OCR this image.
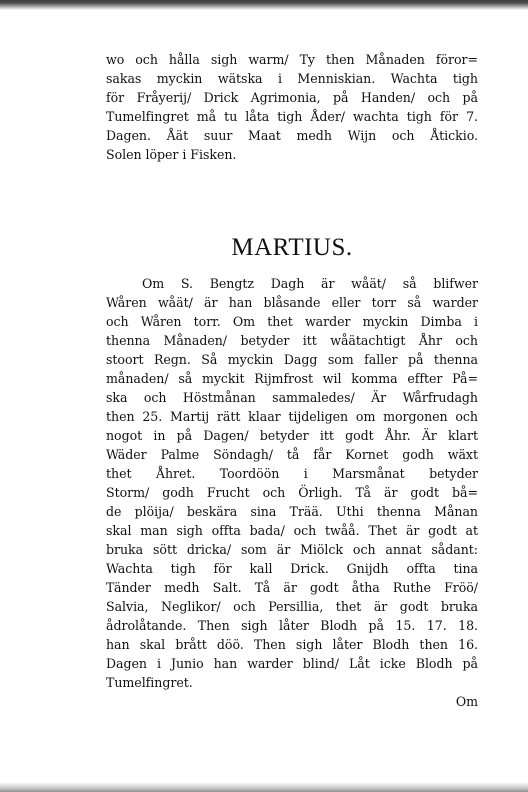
wo och hålla sigh warm/ Ty then Månaden föror=
sakas myckin wätska i Menniskian. Wachta tigh
för Fråyerij/ Drick Agrimonia, på Handen/ och på
Tumelfingret må tu låta tigh Åder/ wachta tigh för 7.
Dagen. Åät suur Maat medh Wijn och Åtickio.
Solen löper i Fisken.
MARTIUS.
Om S. Bengtz Dagh är wåät/ så blifwer
Wåren wåät/ är han blåsande eller torr så warder
och Wåren torr. Om thet warder myckin Dimba i
thenna Månaden/ betyder itt wåätachtigt Åhr och
stoort Regn. Så myckin Dagg som faller på thenna
månaden/ så myckit Rijmfrost wil komma effter På=
ska och Höstmånan sammaledes/ Är Wårfrudagh
then 25. Martij rätt klaar tijdeligen om morgonen och
nogot in på Dagen/ betyder itt godt Åhr. Är klart
Wäder Palme Söndagh/ tå får Kornet godh wäxt
thet Åhret. Toordöön i Marsmånat betyder
Storm/ godh Frucht och Örligh. Tå är godt bå=
de plöija/ beskära sina Trää. Uthi thenna Månan
skal man sigh offta bada/ och twåå. Thet är godt at
bruka sött dricka/ som är Miölck och annat sådant:
Wachta tigh för kall Drick. Gnijdh offta tina
Tänder medh Salt. Tå är godt åtha Ruthe Fröö/
Salvia, Neglikor/ och Persillia, thet är godt bruka
ådrolåtande. Then sigh låter Blodh på 15. 17. 18.
han skal brått döö. Then sigh låter Blodh then 16.
Dagen i Junio han warder blind/ Låt icke Blodh på
Tumelfingret.
Om
